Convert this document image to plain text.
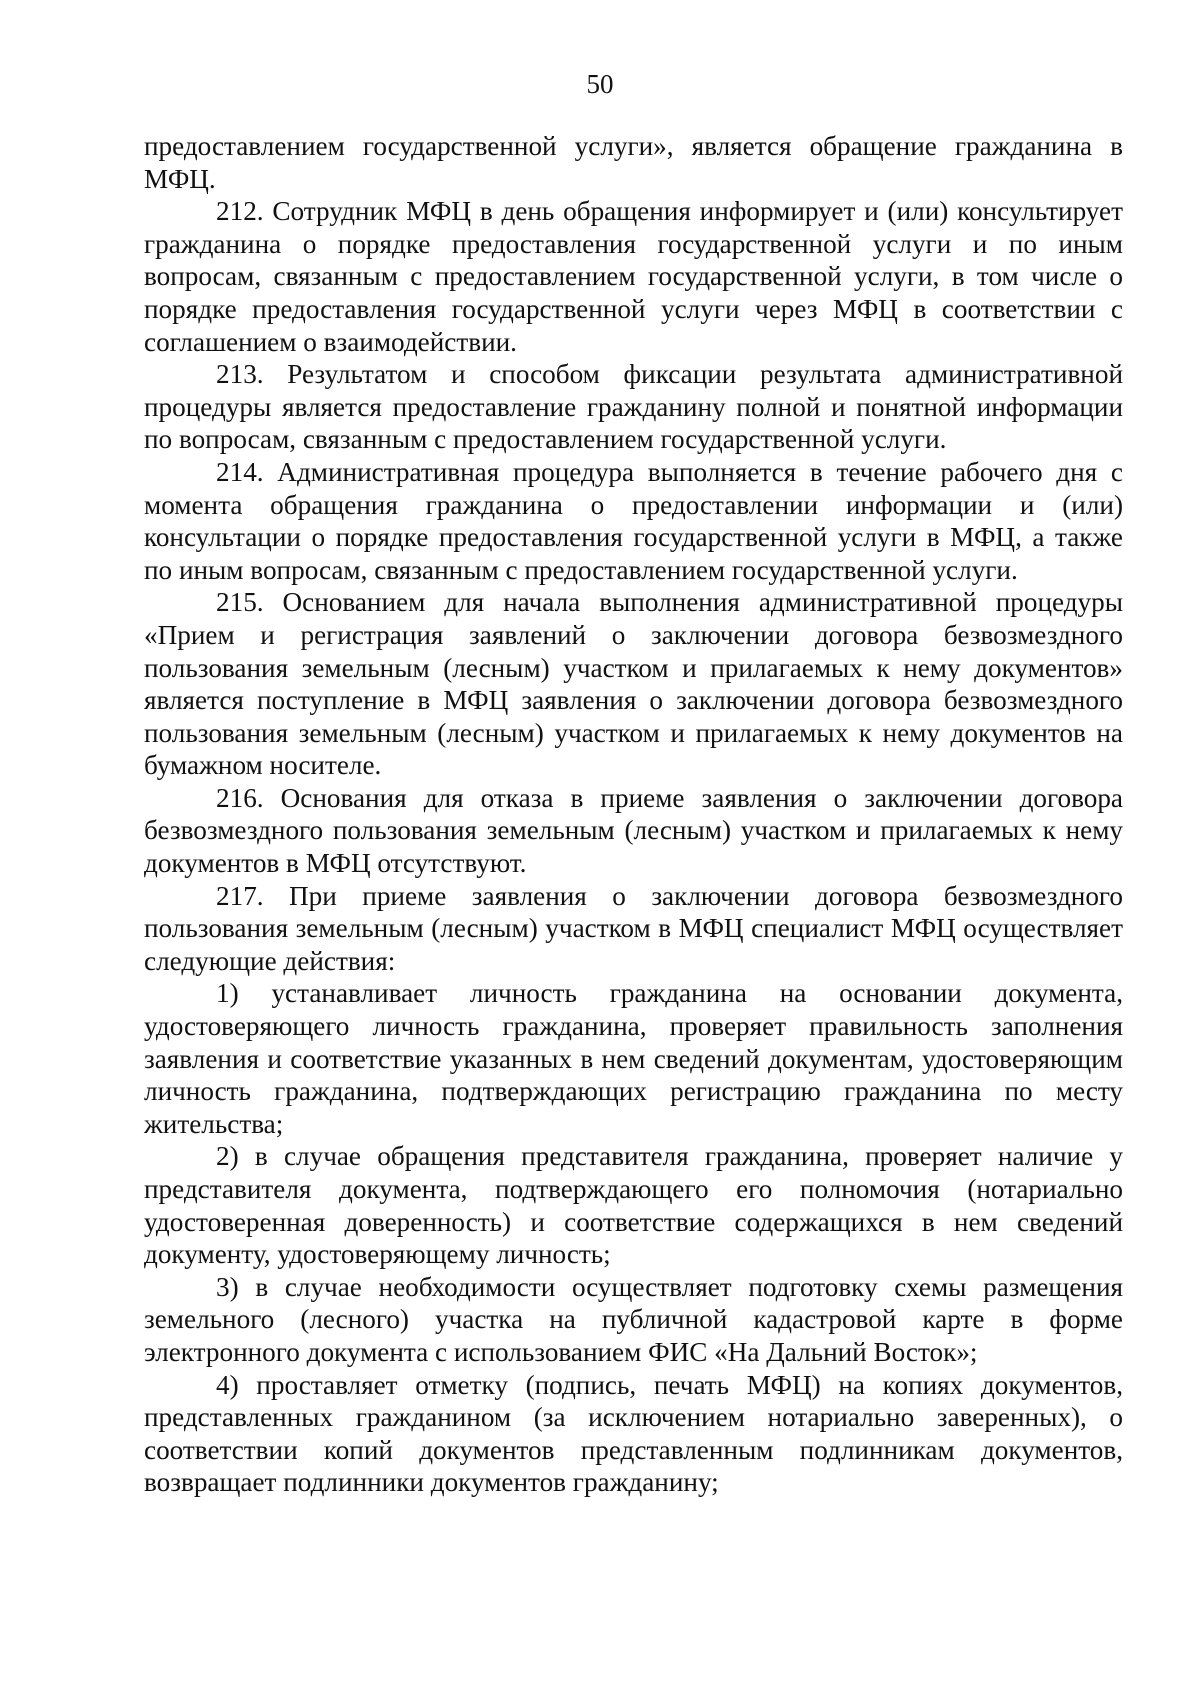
50

предоставлением государственной услуги», является обращение гражданина в МФЦ.

212. Сотрудник МФЦ в день обращения информирует и (или) консультирует гражданина о порядке предоставления государственной услуги и по иным вопросам, связанным с предоставлением государственной услуги, в том числе о порядке предоставления государственной услуги через МФЦ в соответствии с соглашением о взаимодействии.

213. Результатом и способом фиксации результата административной процедуры является предоставление гражданину полной и понятной информации по вопросам, связанным с предоставлением государственной услуги.

214. Административная процедура выполняется в течение рабочего дня с момента обращения гражданина о предоставлении информации и (или) консультации о порядке предоставления государственной услуги в МФЦ, а также по иным вопросам, связанным с предоставлением государственной услуги.

215. Основанием для начала выполнения административной процедуры «Прием и регистрация заявлений о заключении договора безвозмездного пользования земельным (лесным) участком и прилагаемых к нему документов» является поступление в МФЦ заявления о заключении договора безвозмездного пользования земельным (лесным) участком и прилагаемых к нему документов на бумажном носителе.

216. Основания для отказа в приеме заявления о заключении договора безвозмездного пользования земельным (лесным) участком и прилагаемых к нему документов в МФЦ отсутствуют.

217. При приеме заявления о заключении договора безвозмездного пользования земельным (лесным) участком в МФЦ специалист МФЦ осуществляет следующие действия:

1) устанавливает личность гражданина на основании документа, удостоверяющего личность гражданина, проверяет правильность заполнения заявления и соответствие указанных в нем сведений документам, удостоверяющим личность гражданина, подтверждающих регистрацию гражданина по месту жительства;

2) в случае обращения представителя гражданина, проверяет наличие у представителя документа, подтверждающего его полномочия (нотариально удостоверенная доверенность) и соответствие содержащихся в нем сведений документу, удостоверяющему личность;

3) в случае необходимости осуществляет подготовку схемы размещения земельного (лесного) участка на публичной кадастровой карте в форме электронного документа с использованием ФИС «На Дальний Восток»;

4) проставляет отметку (подпись, печать МФЦ) на копиях документов, представленных гражданином (за исключением нотариально заверенных), о соответствии копий документов представленным подлинникам документов, возвращает подлинники документов гражданину;
